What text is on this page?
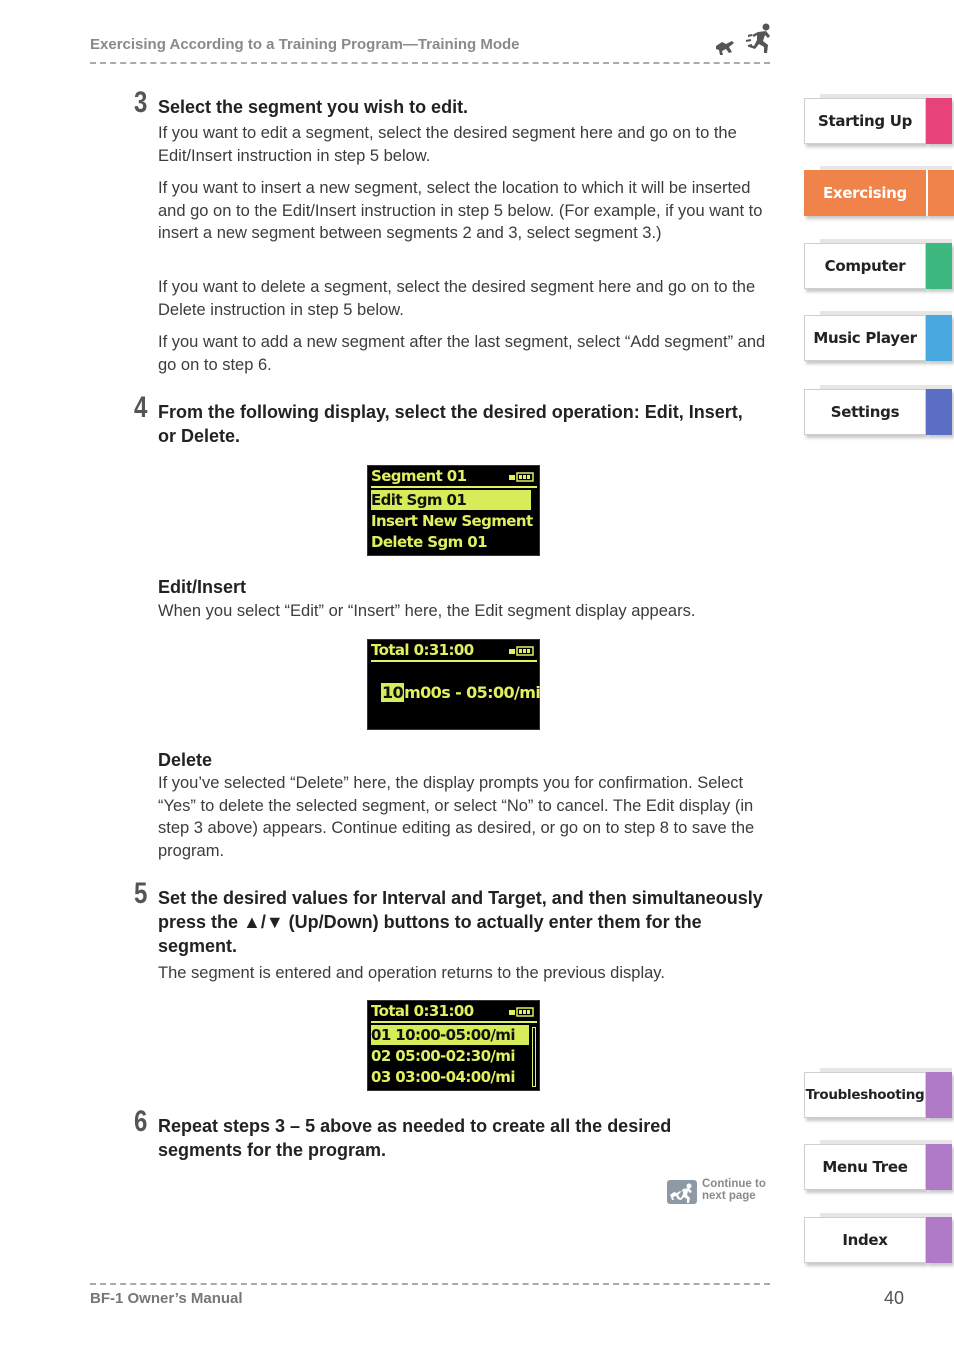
Exercising According to a Training Program—Training Mode
3 Select the segment you wish to edit.

If you want to edit a segment, select the desired segment here and go on to the Edit/Insert instruction in step 5 below.

If you want to insert a new segment, select the location to which it will be inserted and go on to the Edit/Insert instruction in step 5 below. (For example, if you want to insert a new segment between segments 2 and 3, select segment 3.)

If you want to delete a segment, select the desired segment here and go on to the Delete instruction in step 5 below.

If you want to add a new segment after the last segment, select “Add segment” and go on to step 6.

4 From the following display, select the desired operation: Edit, Insert, or Delete.
Segment 01
Edit Sgm 01
Insert New Segment
Delete Sgm 01
Edit/Insert

When you select “Edit” or “Insert” here, the Edit segment display appears.

Total 0:31:00
10m00s - 05:00/mi
Delete

If you’ve selected “Delete” here, the display prompts you for confirmation. Select “Yes” to delete the selected segment, or select “No” to cancel. The Edit display (in step 3 above) appears. Continue editing as desired, or go on to step 8 to save the program.

5 Set the desired values for Interval and Target, and then simultaneously press the ▲/▼ (Up/Down) buttons to actually enter them for the segment.

The segment is entered and operation returns to the previous display.

Total 0:31:00
01 10:00-05:00/mi
02 05:00-02:30/mi
03 03:00-04:00/mi
6 Repeat steps 3 – 5 above as needed to create all the desired segments for the program.
Continue to
next page
Starting Up
Exercising
Computer
Music Player
Settings
Troubleshooting
Menu Tree
Index
BF-1 Owner’s Manual	40
